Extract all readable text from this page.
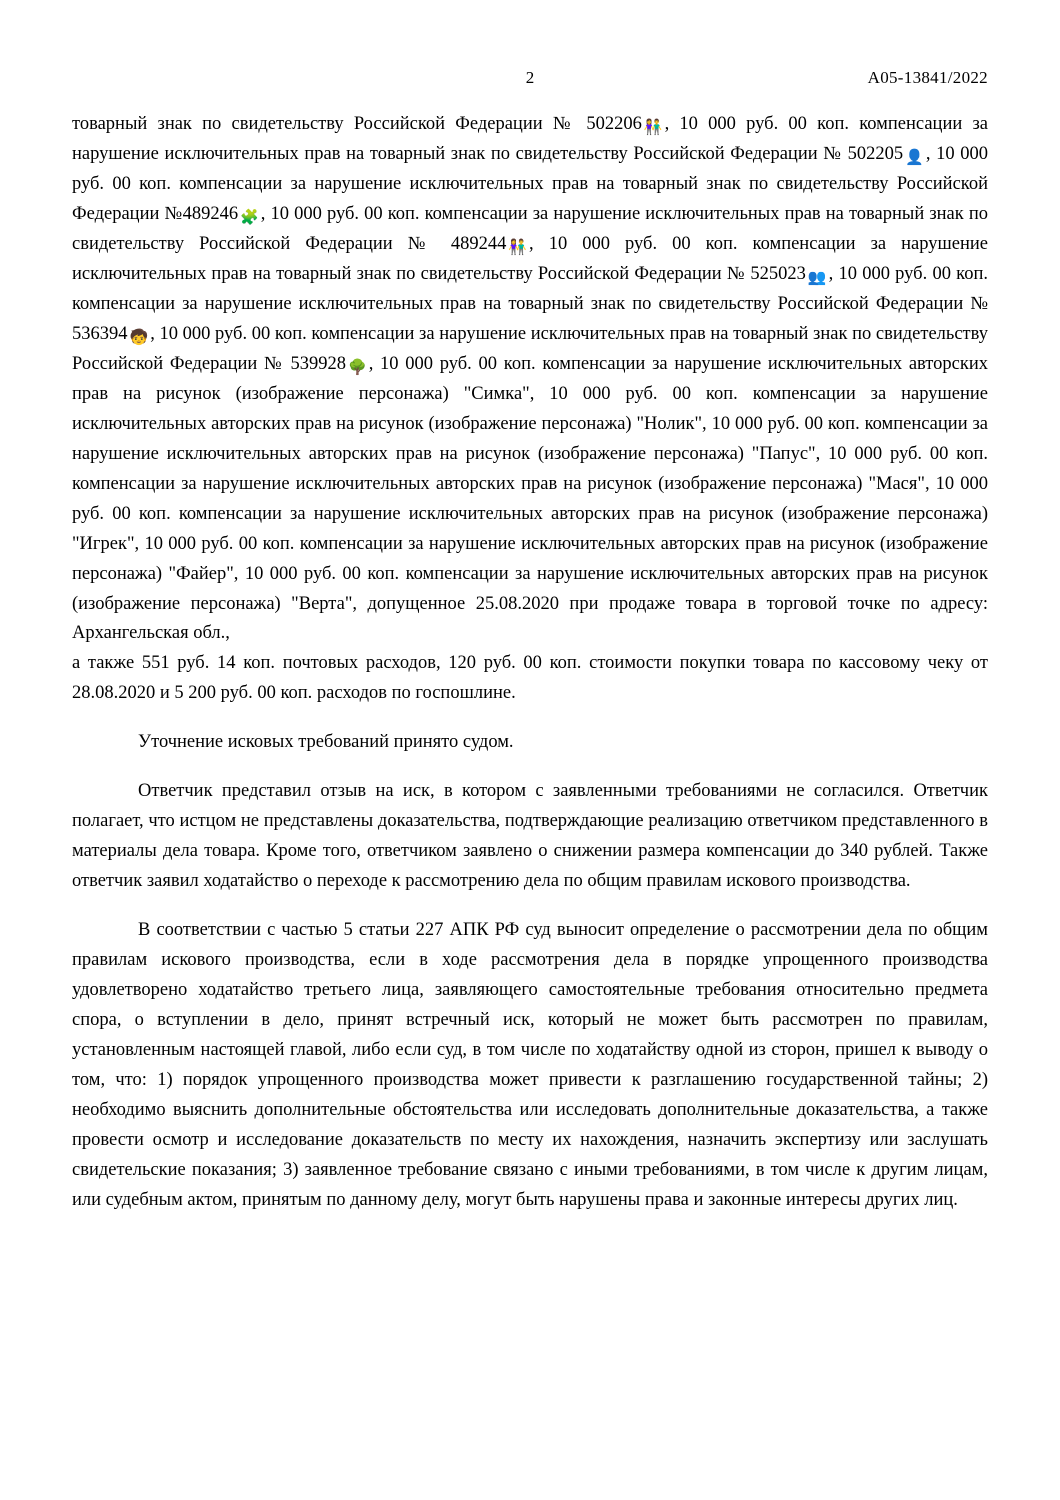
2	А05-13841/2022

товарный знак по свидетельству Российской Федерации № 502206 👫 , 10 000 руб. 00 коп. компенсации за нарушение исключительных прав на товарный знак по свидетельству Российской Федерации № 502205 👤 , 10 000 руб. 00 коп. компенсации за нарушение исключительных прав на товарный знак по свидетельству Российской Федерации №489246 🧩 , 10 000 руб. 00 коп. компенсации за нарушение исключительных прав на товарный знак по свидетельству Российской Федерации № 489244 👫 , 10 000 руб. 00 коп. компенсации за нарушение исключительных прав на товарный знак по свидетельству Российской Федерации № 525023 👥 , 10 000 руб. 00 коп. компенсации за нарушение исключительных прав на товарный знак по свидетельству Российской Федерации № 536394 🧒 , 10 000 руб. 00 коп. компенсации за нарушение исключительных прав на товарный знак по свидетельству Российской Федерации № 539928 🌳 , 10 000 руб. 00 коп. компенсации за нарушение исключительных авторских прав на рисунок (изображение персонажа) "Симка", 10 000 руб. 00 коп. компенсации за нарушение исключительных авторских прав на рисунок (изображение персонажа) "Нолик", 10 000 руб. 00 коп. компенсации за нарушение исключительных авторских прав на рисунок (изображение персонажа) "Папус", 10 000 руб. 00 коп. компенсации за нарушение исключительных авторских прав на рисунок (изображение персонажа) "Мася", 10 000 руб. 00 коп. компенсации за нарушение исключительных авторских прав на рисунок (изображение персонажа) "Игрек", 10 000 руб. 00 коп. компенсации за нарушение исключительных авторских прав на рисунок (изображение персонажа) "Файер", 10 000 руб. 00 коп. компенсации за нарушение исключительных авторских прав на рисунок (изображение персонажа) "Верта", допущенное 25.08.2020 при продаже товара в торговой точке по адресу: Архангельская обл.,

а также 551 руб. 14 коп. почтовых расходов, 120 руб. 00 коп. стоимости покупки товара по кассовому чеку от 28.08.2020 и 5 200 руб. 00 коп. расходов по госпошлине.

Уточнение исковых требований принято судом.

Ответчик представил отзыв на иск, в котором с заявленными требованиями не согласился. Ответчик полагает, что истцом не представлены доказательства, подтверждающие реализацию ответчиком представленного в материалы дела товара. Кроме того, ответчиком заявлено о снижении размера компенсации до 340 рублей. Также ответчик заявил ходатайство о переходе к рассмотрению дела по общим правилам искового производства.

В соответствии с частью 5 статьи 227 АПК РФ суд выносит определение о рассмотрении дела по общим правилам искового производства, если в ходе рассмотрения дела в порядке упрощенного производства удовлетворено ходатайство третьего лица, заявляющего самостоятельные требования относительно предмета спора, о вступлении в дело, принят встречный иск, который не может быть рассмотрен по правилам, установленным настоящей главой, либо если суд, в том числе по ходатайству одной из сторон, пришел к выводу о том, что: 1) порядок упрощенного производства может привести к разглашению государственной тайны; 2) необходимо выяснить дополнительные обстоятельства или исследовать дополнительные доказательства, а также провести осмотр и исследование доказательств по месту их нахождения, назначить экспертизу или заслушать свидетельские показания; 3) заявленное требование связано с иными требованиями, в том числе к другим лицам, или судебным актом, принятым по данному делу, могут быть нарушены права и законные интересы других лиц.
